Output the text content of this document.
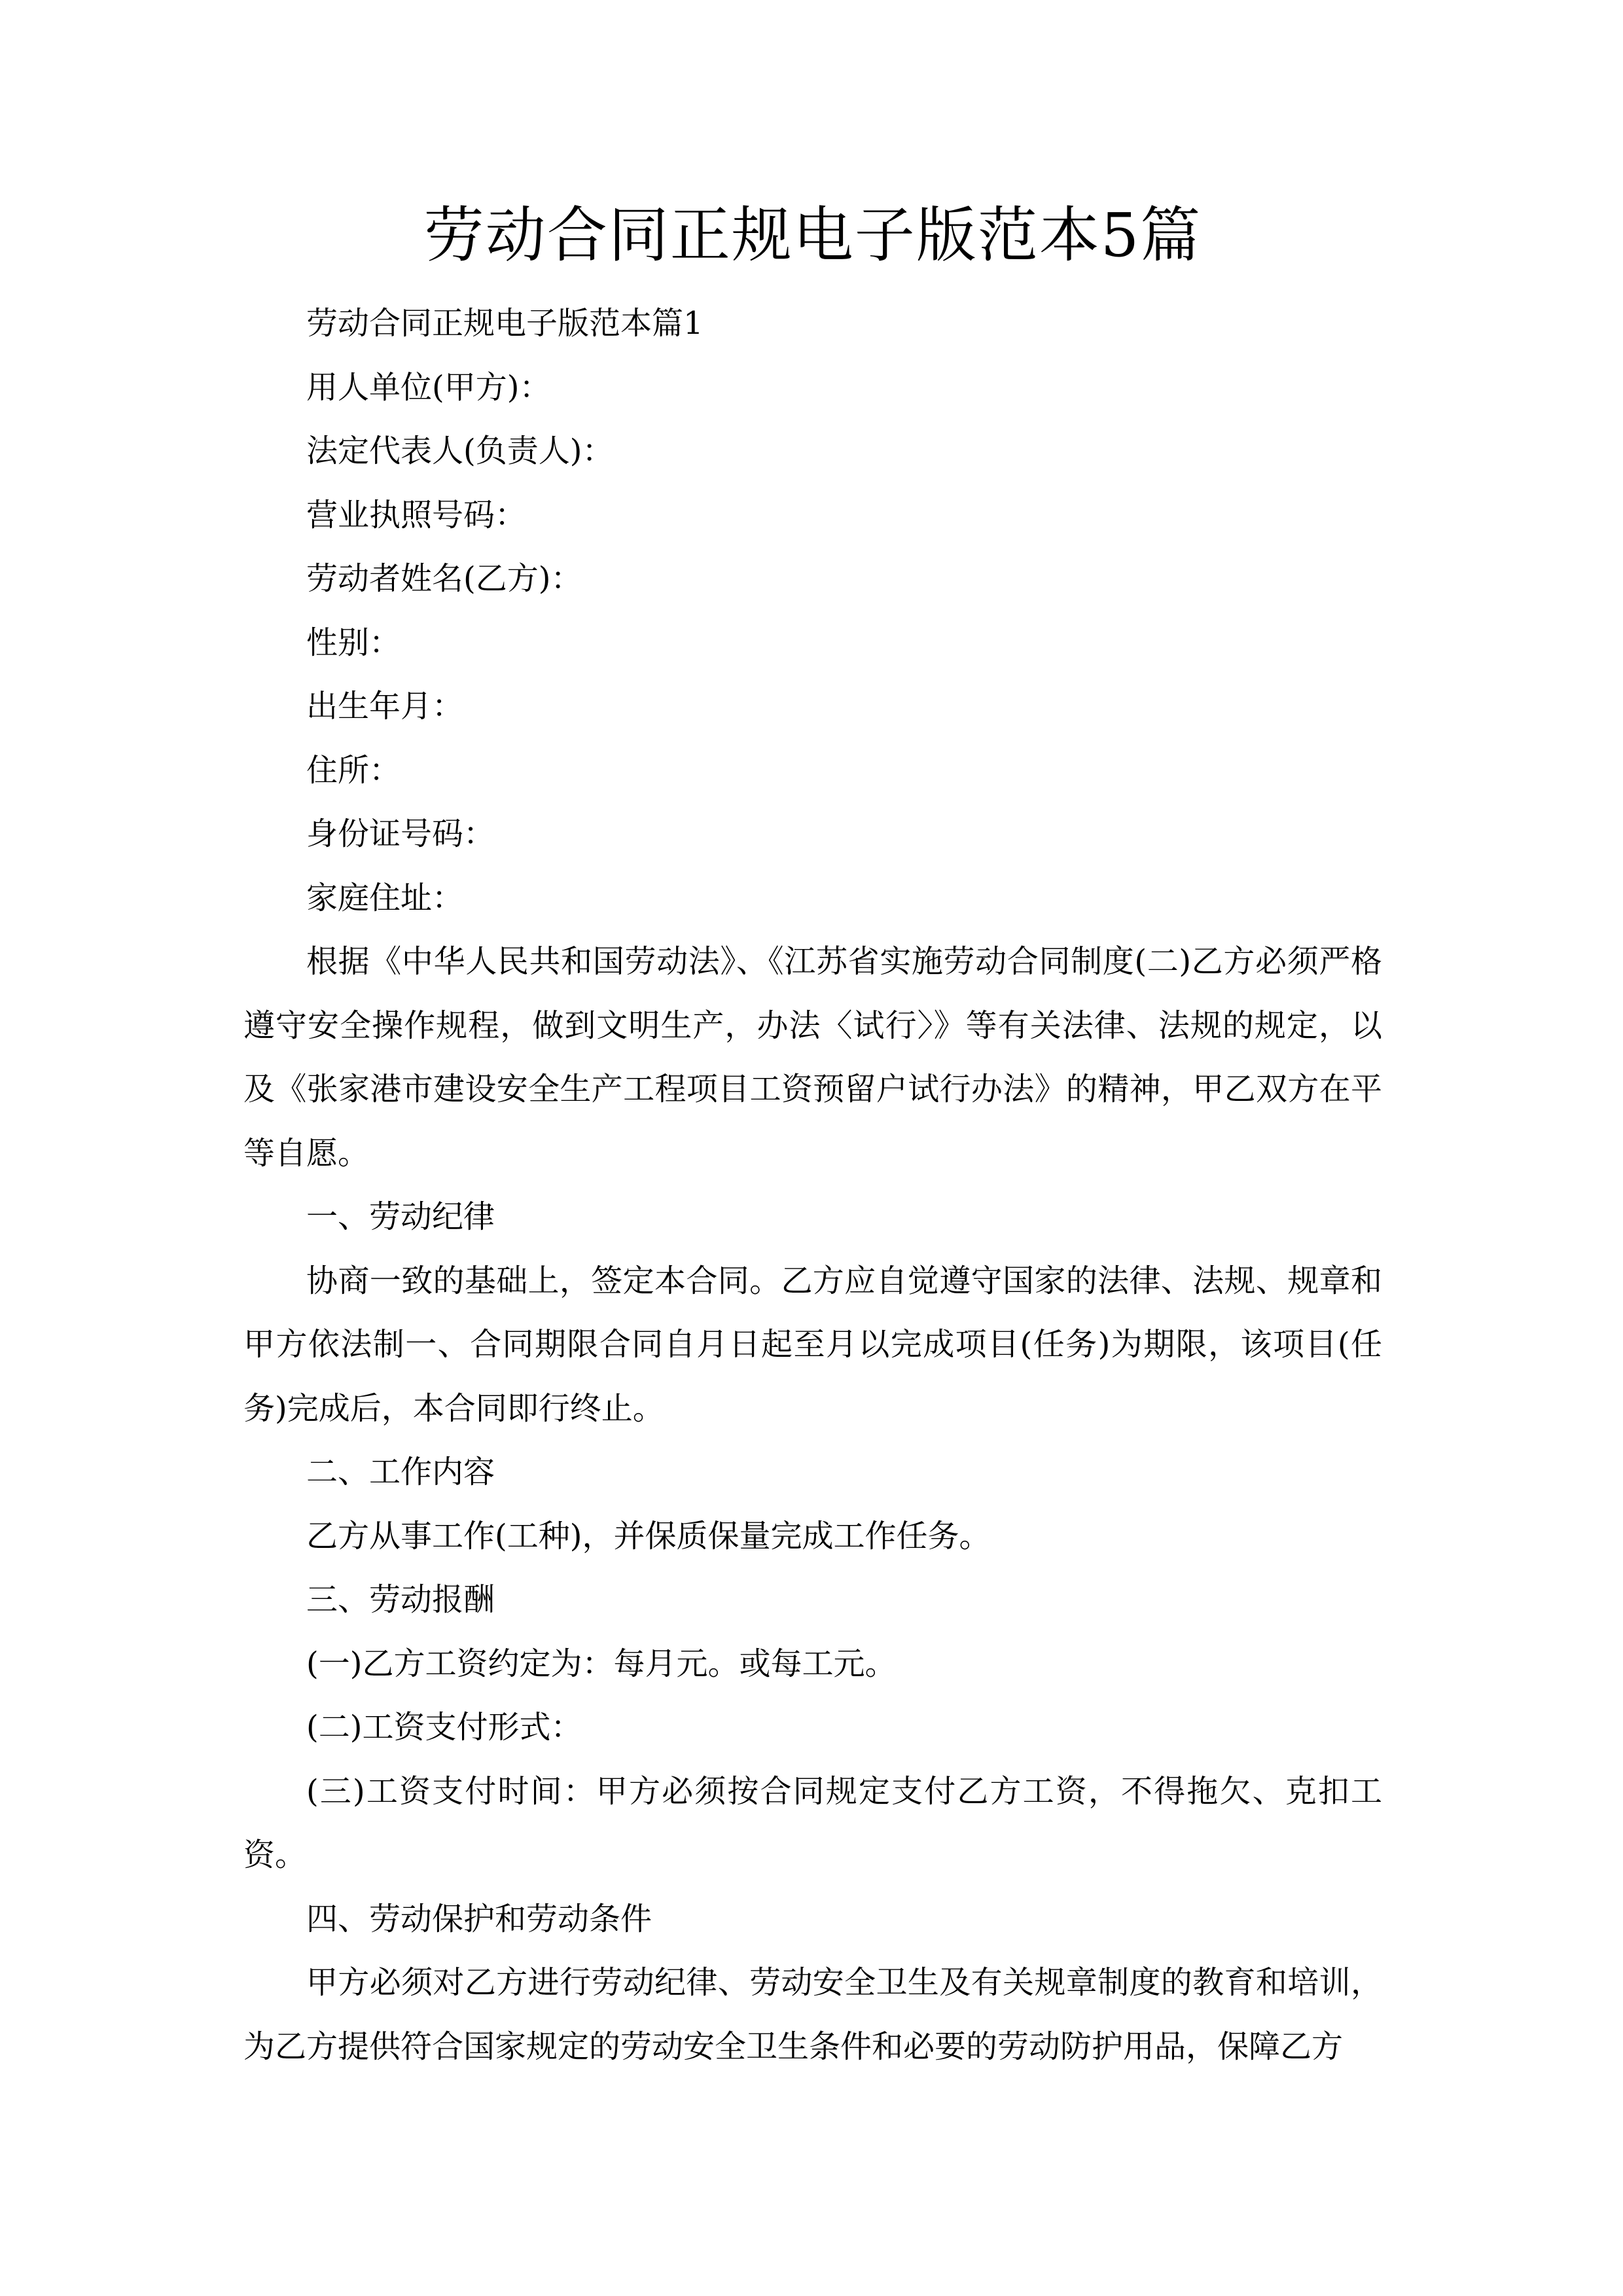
劳动合同正规电子版范本5篇

劳动合同正规电子版范本篇1

用人单位(甲方)：

法定代表人(负责人)：

营业执照号码：

劳动者姓名(乙方)：

性别：

出生年月：

住所：

身份证号码：

家庭住址：

根据《中华人民共和国劳动法》、《江苏省实施劳动合同制度(二)乙方必须严格遵守安全操作规程，做到文明生产，办法〈试行〉》等有关法律、法规的规定，以及《张家港市建设安全生产工程项目工资预留户试行办法》的精神，甲乙双方在平等自愿。

一、劳动纪律

协商一致的基础上，签定本合同。乙方应自觉遵守国家的法律、法规、规章和甲方依法制一、合同期限合同自月日起至月以完成项目(任务)为期限，该项目(任务)完成后，本合同即行终止。

二、工作内容

乙方从事工作(工种)，并保质保量完成工作任务。

三、劳动报酬

(一)乙方工资约定为：每月元。或每工元。

(二)工资支付形式：

(三)工资支付时间：甲方必须按合同规定支付乙方工资，不得拖欠、克扣工资。

四、劳动保护和劳动条件

甲方必须对乙方进行劳动纪律、劳动安全卫生及有关规章制度的教育和培训，为乙方提供符合国家规定的劳动安全卫生条件和必要的劳动防护用品，保障乙方
